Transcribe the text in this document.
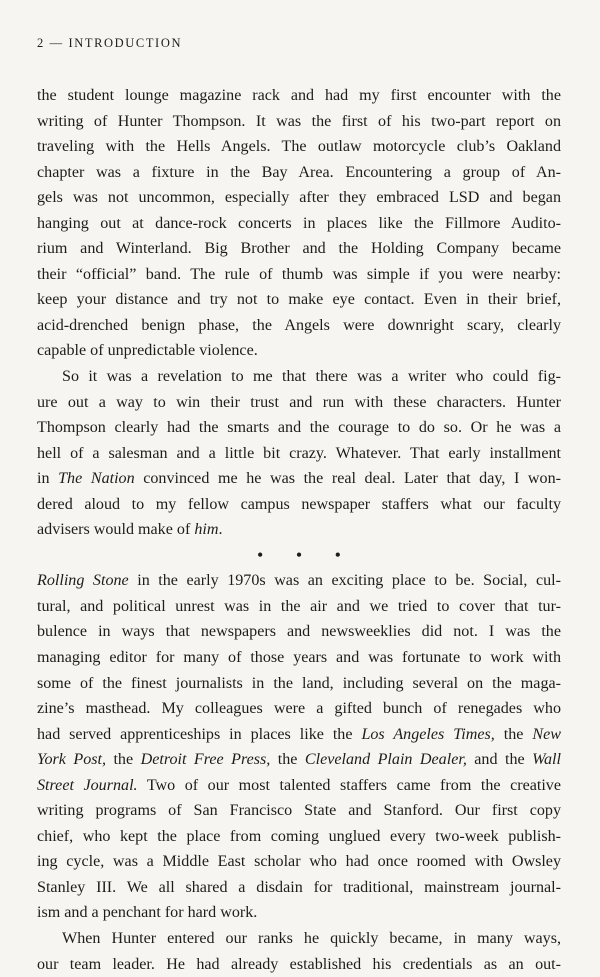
2 — INTRODUCTION
the student lounge magazine rack and had my first encounter with the
writing of Hunter Thompson. It was the first of his two-part report on
traveling with the Hells Angels. The outlaw motorcycle club’s Oakland
chapter was a fixture in the Bay Area. Encountering a group of An-
gels was not uncommon, especially after they embraced LSD and began
hanging out at dance-rock concerts in places like the Fillmore Audito-
rium and Winterland. Big Brother and the Holding Company became
their “official” band. The rule of thumb was simple if you were nearby:
keep your distance and try not to make eye contact. Even in their brief,
acid-drenched benign phase, the Angels were downright scary, clearly
capable of unpredictable violence.
So it was a revelation to me that there was a writer who could fig-
ure out a way to win their trust and run with these characters. Hunter
Thompson clearly had the smarts and the courage to do so. Or he was a
hell of a salesman and a little bit crazy. Whatever. That early installment
in The Nation convinced me he was the real deal. Later that day, I won-
dered aloud to my fellow campus newspaper staffers what our faculty
advisers would make of him.
• • •
Rolling Stone in the early 1970s was an exciting place to be. Social, cul-
tural, and political unrest was in the air and we tried to cover that tur-
bulence in ways that newspapers and newsweeklies did not. I was the
managing editor for many of those years and was fortunate to work with
some of the finest journalists in the land, including several on the maga-
zine’s masthead. My colleagues were a gifted bunch of renegades who
had served apprenticeships in places like the Los Angeles Times, the New
York Post, the Detroit Free Press, the Cleveland Plain Dealer, and the Wall
Street Journal. Two of our most talented staffers came from the creative
writing programs of San Francisco State and Stanford. Our first copy
chief, who kept the place from coming unglued every two-week publish-
ing cycle, was a Middle East scholar who had once roomed with Owsley
Stanley III. We all shared a disdain for traditional, mainstream journal-
ism and a penchant for hard work.
When Hunter entered our ranks he quickly became, in many ways,
our team leader. He had already established his credentials as an out-
